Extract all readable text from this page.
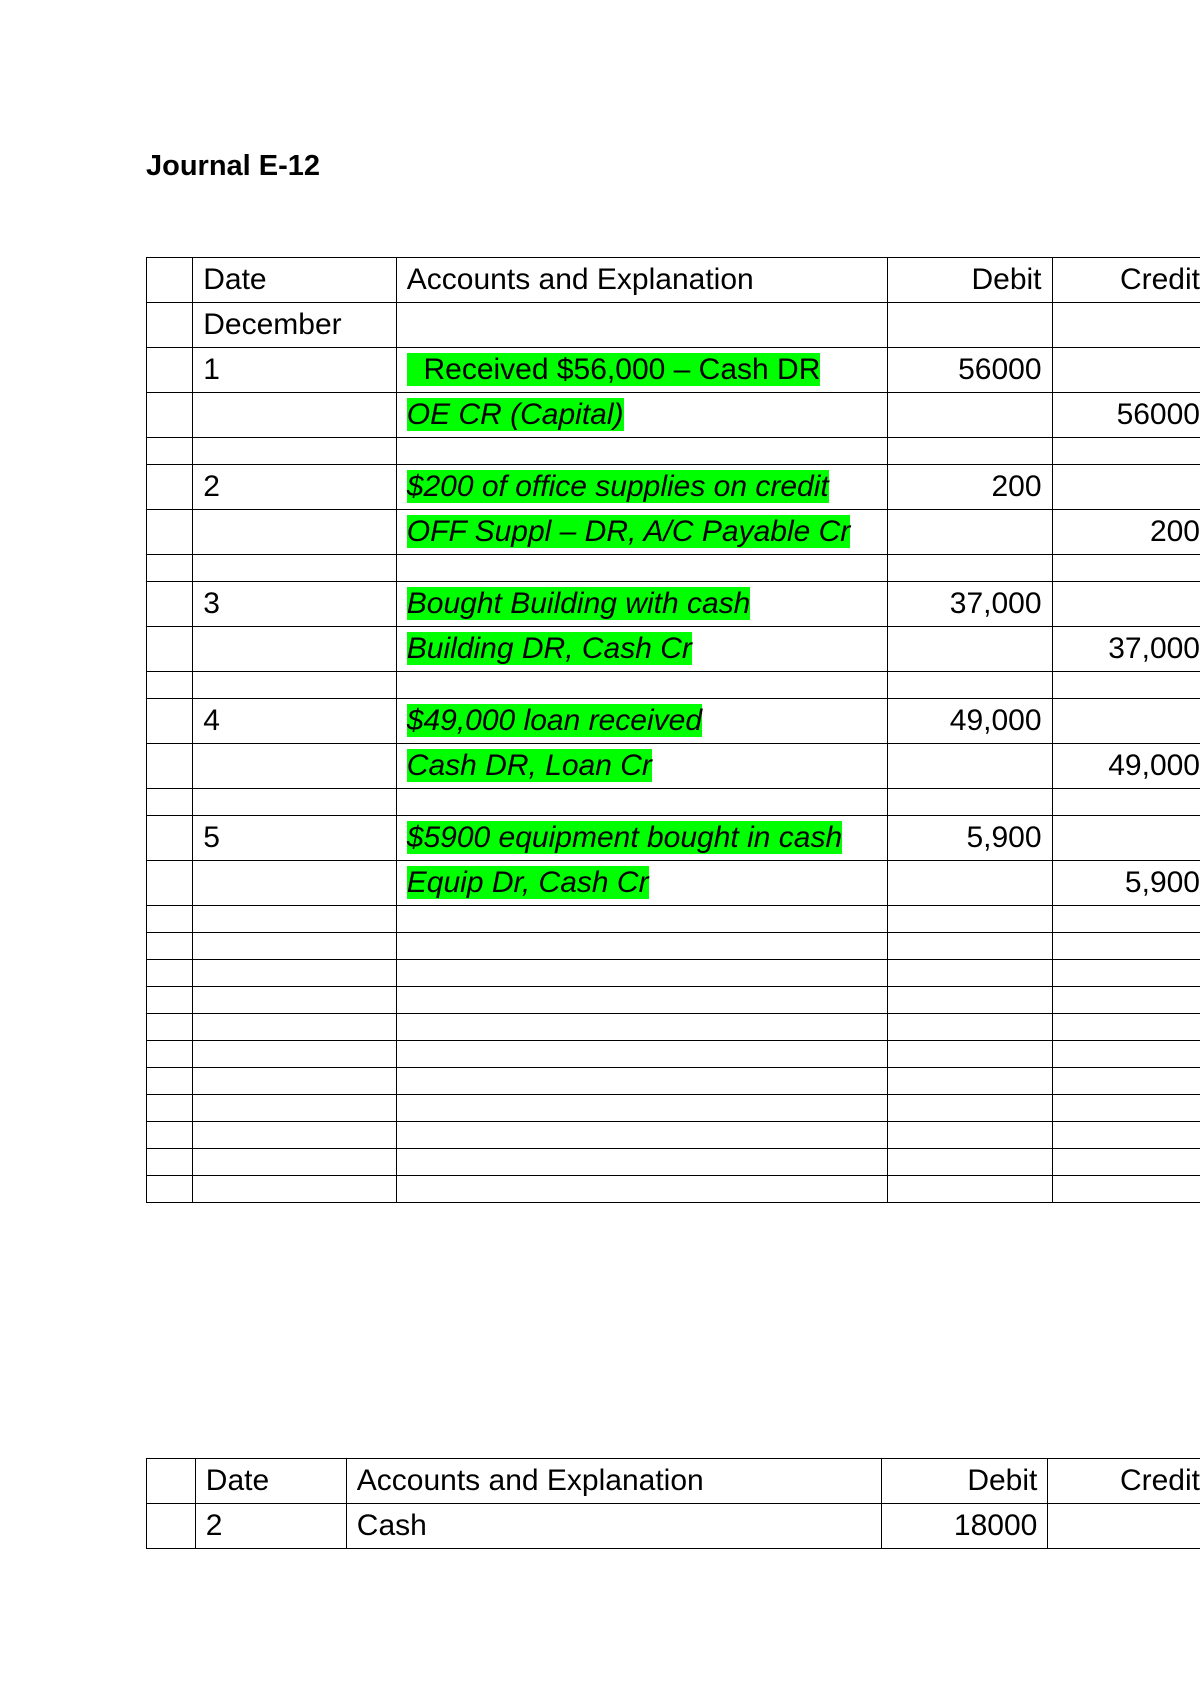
Journal E-12
	Date	Accounts and Explanation	Debit	Credit
	December			
	1	Received $56,000 – Cash DR	56000	
		OE CR (Capital)		56000

	2	$200 of office supplies on credit	200	
		OFF Suppl – DR, A/C Payable Cr		200

	3	Bought Building with cash	37,000	
		Building DR, Cash Cr		37,000

	4	$49,000 loan received	49,000	
		Cash DR, Loan Cr		49,000

	5	$5900 equipment bought in cash	5,900	
		Equip Dr, Cash Cr		5,900

	Date	Accounts and Explanation	Debit	Credit
	2	Cash	18000	
